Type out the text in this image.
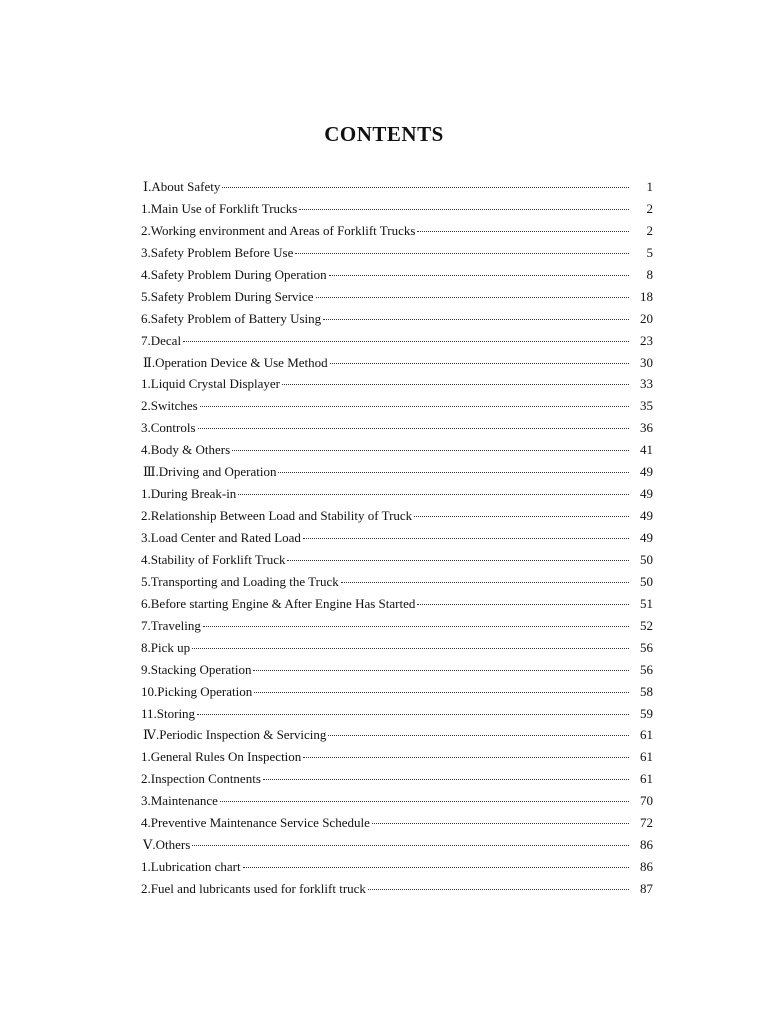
CONTENTS
Ⅰ.About Safety	1
1.Main Use of Forklift Trucks	2
2.Working environment and Areas of Forklift Trucks	2
3.Safety Problem Before Use	5
4.Safety Problem During Operation	8
5.Safety Problem During Service	18
6.Safety Problem of Battery Using	20
7.Decal	23
Ⅱ.Operation Device & Use Method	30
1.Liquid Crystal Displayer	33
2.Switches	35
3.Controls	36
4.Body & Others	41
Ⅲ.Driving and Operation	49
1.During Break-in	49
2.Relationship Between Load and Stability of Truck	49
3.Load Center and Rated Load	49
4.Stability of Forklift Truck	50
5.Transporting and Loading the Truck	50
6.Before starting Engine & After Engine Has Started	51
7.Traveling	52
8.Pick up	56
9.Stacking Operation	56
10.Picking Operation	58
11.Storing	59
Ⅳ.Periodic Inspection & Servicing	61
1.General Rules On Inspection	61
2.Inspection Contnents	61
3.Maintenance	70
4.Preventive Maintenance Service Schedule	72
Ⅴ.Others	86
1.Lubrication chart	86
2.Fuel and lubricants used for forklift truck	87
